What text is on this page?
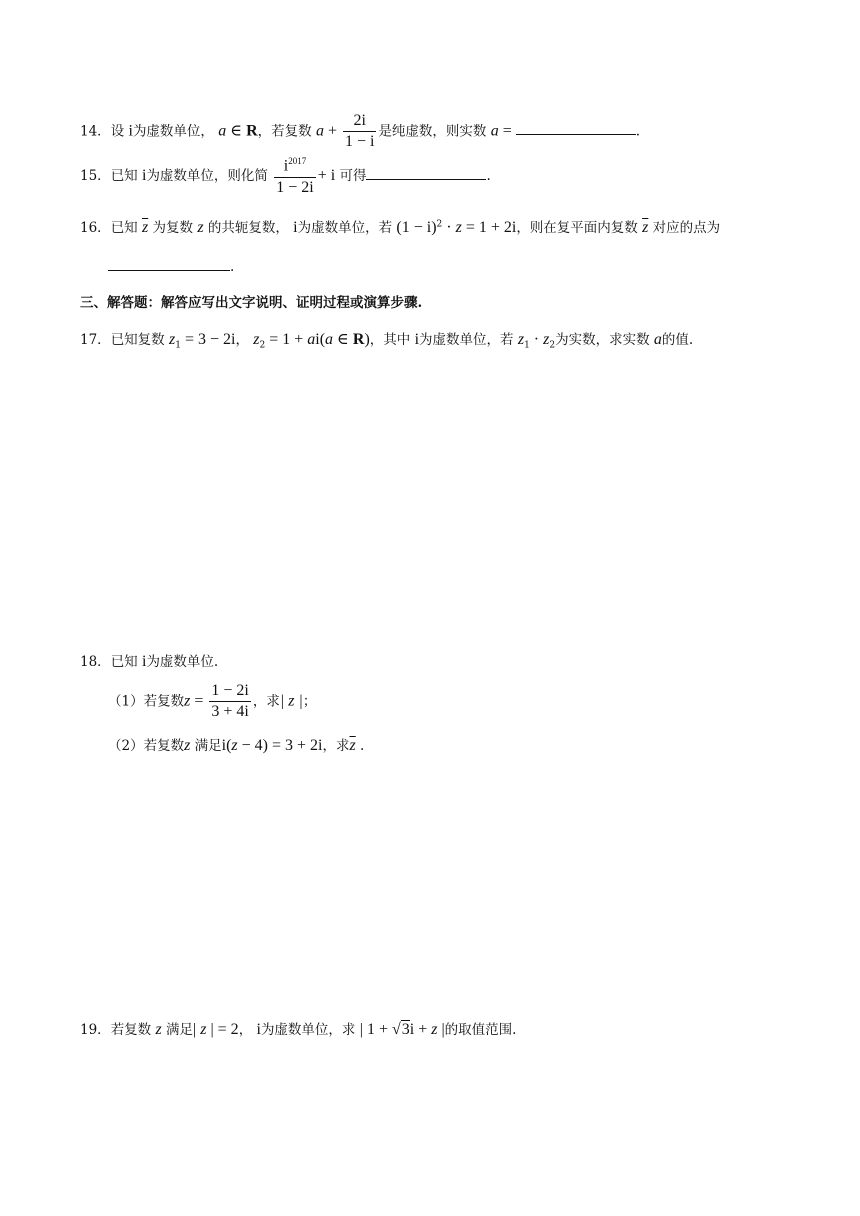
14．设 i为虚数单位， a ∈ R，若复数 $a + \frac{2i}{1 - i}$ 是纯虚数，则实数 a =	.
15．已知 i为虚数单位，则化简 $\frac{i^{2017}}{1 - 2i} + i$ 可得	.
16．已知 $\overline{z}$ 为复数 z 的共轭复数， i为虚数单位，若 $(1 - i)^2 \cdot z = 1 + 2i$，则在复平面内复数 $\overline{z}$ 对应的点为
.
三、解答题：解答应写出文字说明、证明过程或演算步骤.
17．已知复数 $z_1 = 3 - 2i$， $z_2 = 1 + ai(a$ ∈ R)，其中 i为虚数单位，若 $z_1 \cdot z_2$为实数，求实数 a的值.
18．已知 i为虚数单位.
（1）若复数$z = \frac{1 - 2i}{3 + 4i}$ ，求| z |；
（2）若复数z 满足i(z − 4) = 3 + 2i，求$\overline{z}$ .
19．若复数 z 满足| z | = 2， i为虚数单位，求 | 1 + √3i + z |的取值范围.
